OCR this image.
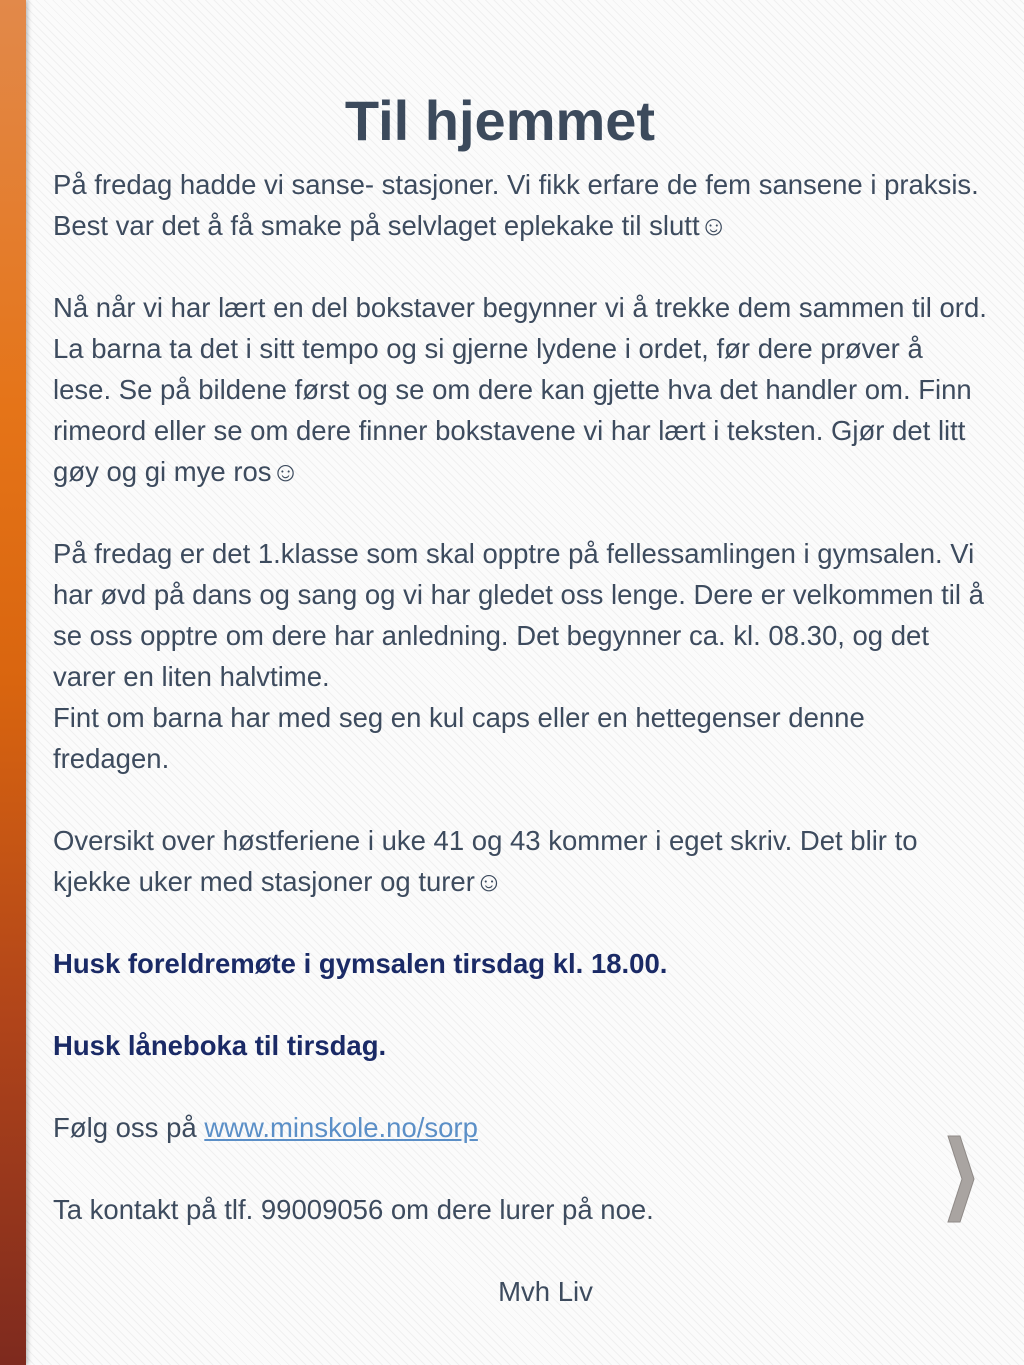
Til hjemmet

På fredag hadde vi sanse- stasjoner. Vi fikk erfare de fem sansene i praksis. Best var det å få smake på selvlaget eplekake til slutt☺

Nå når vi har lært en del bokstaver begynner vi å trekke dem sammen til ord. La barna ta det i sitt tempo og si gjerne lydene i ordet, før dere prøver å lese. Se på bildene først og se om dere kan gjette hva det handler om. Finn rimeord eller se om dere finner bokstavene vi har lært i teksten. Gjør det litt gøy og gi mye ros☺

På fredag er det 1.klasse som skal opptre på fellessamlingen i gymsalen. Vi har øvd på dans og sang og vi har gledet oss lenge. Dere er velkommen til å se oss opptre om dere har anledning. Det begynner ca. kl. 08.30, og det varer en liten halvtime.

Fint om barna har med seg en kul caps eller en hettegenser denne fredagen.

Oversikt over høstferiene i uke 41 og 43 kommer i eget skriv. Det blir to kjekke uker med stasjoner og turer☺

Husk foreldremøte i gymsalen tirsdag kl. 18.00.

Husk låneboka til tirsdag.

Følg oss på www.minskole.no/sorp

Ta kontakt på tlf. 99009056 om dere lurer på noe.

Mvh Liv
